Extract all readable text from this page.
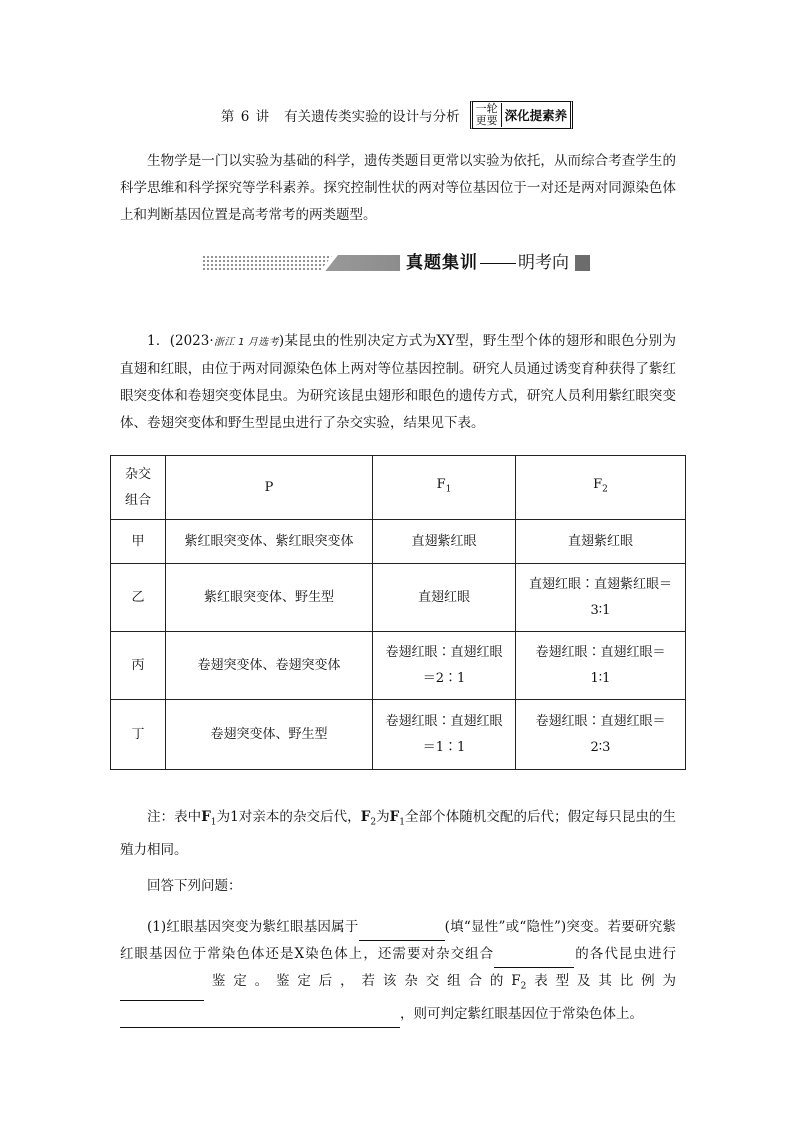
第 6 讲 有关遗传类实验的设计与分析
一轮
更要 深化提素养
生物学是一门以实验为基础的科学，遗传类题目更常以实验为依托，从而综合考查学生的科学思维和科学探究等学科素养。探究控制性状的两对等位基因位于一对还是两对同源染色体上和判断基因位置是高考常考的两类题型。
真题集训 明考向
1．(2023·浙江 1 月选考)某昆虫的性别决定方式为XY型，野生型个体的翅形和眼色分别为直翅和红眼，由位于两对同源染色体上两对等位基因控制。研究人员通过诱变育种获得了紫红眼突变体和卷翅突变体昆虫。为研究该昆虫翅形和眼色的遗传方式，研究人员利用紫红眼突变体、卷翅突变体和野生型昆虫进行了杂交实验，结果见下表。
杂交
组合	P	$F_1$	$F_2$
甲	紫红眼突变体、紫红眼突变体	直翅紫红眼	直翅紫红眼
乙	紫红眼突变体、野生型	直翅红眼	直翅红眼∶直翅紫红眼＝
3∶1
丙	卷翅突变体、卷翅突变体	卷翅红眼∶直翅红眼
＝2∶1	卷翅红眼∶直翅红眼＝
1∶1
丁	卷翅突变体、野生型	卷翅红眼∶直翅红眼
＝1∶1	卷翅红眼∶直翅红眼＝
2∶3
注：表中$F_1$为1对亲本的杂交后代，$F_2$为$F_1$全部个体随机交配的后代；假定每只昆虫的生殖力相同。
回答下列问题：
(1)红眼基因突变为紫红眼基因属于	(填“显性”或“隐性”)突变。若要研究紫红眼基因位于常染色体还是X染色体上，还需要对杂交组合	的各代昆虫进行鉴定。鉴定后，若该杂交组合的$F_2$表型及其比例为，则可判定紫红眼基因位于常染色体上。
